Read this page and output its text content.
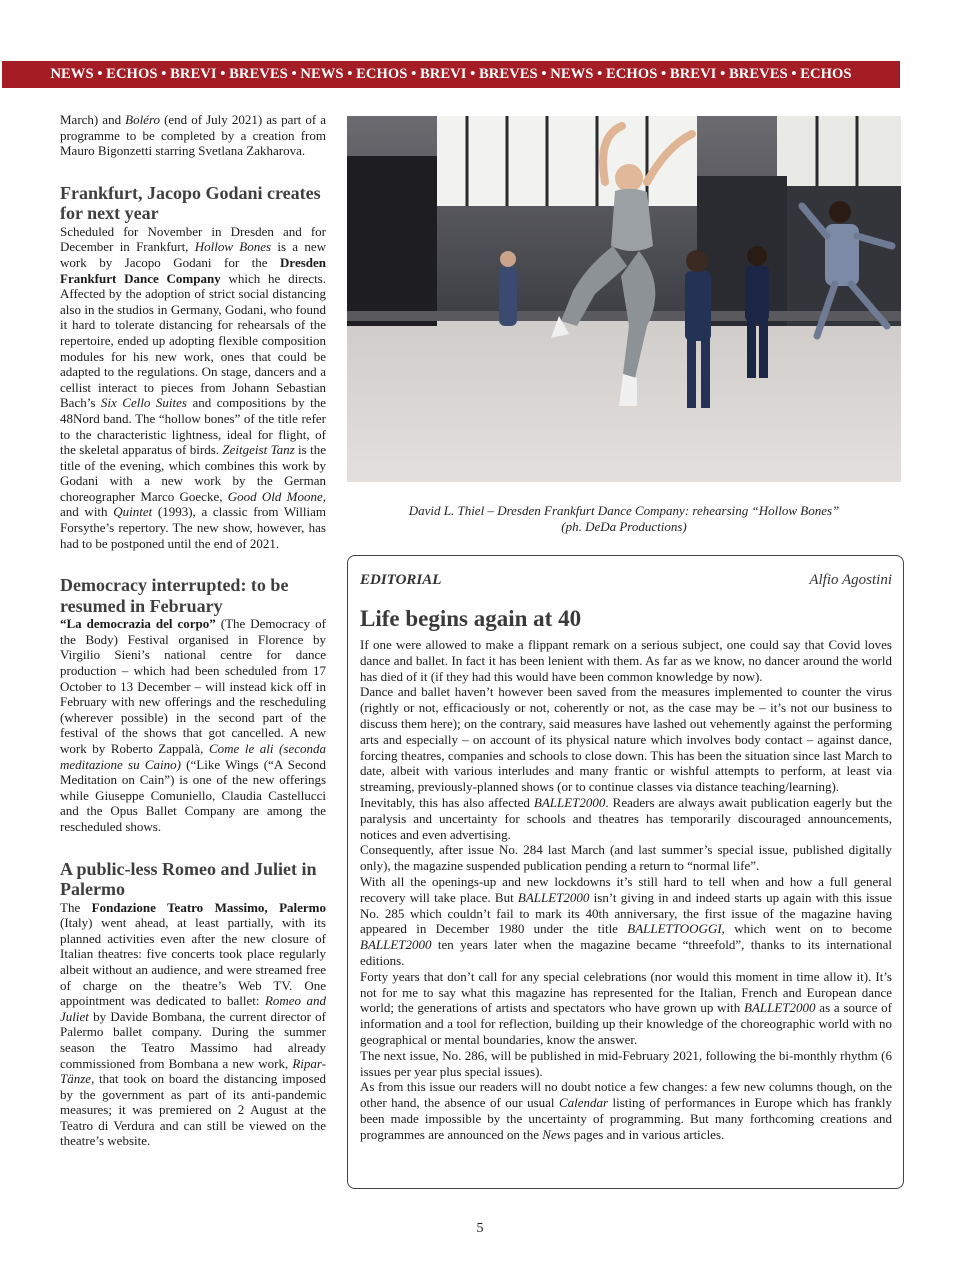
NEWS • ECHOS • BREVI • BREVES • NEWS • ECHOS • BREVI • BREVES • NEWS • ECHOS • BREVI • BREVES • ECHOS

March) and Boléro (end of July 2021) as part of a programme to be completed by a creation from Mauro Bigonzetti starring Svetlana Zakharova.

Frankfurt, Jacopo Godani creates for next year

Scheduled for November in Dresden and for December in Frankfurt, Hollow Bones is a new work by Jacopo Godani for the Dresden Frankfurt Dance Company which he directs. Affected by the adoption of strict social distancing also in the studios in Germany, Godani, who found it hard to tolerate distancing for rehearsals of the repertoire, ended up adopting flexible composition modules for his new work, ones that could be adapted to the regulations. On stage, dancers and a cellist interact to pieces from Johann Sebastian Bach’s Six Cello Suites and compositions by the 48Nord band. The “hollow bones” of the title refer to the characteristic lightness, ideal for flight, of the skeletal apparatus of birds. Zeitgeist Tanz is the title of the evening, which combines this work by Godani with a new work by the German choreographer Marco Goecke, Good Old Moone, and with Quintet (1993), a classic from William Forsythe’s repertory. The new show, however, has had to be postponed until the end of 2021.

Democracy interrupted: to be resumed in February

“La democrazia del corpo” (The Democracy of the Body) Festival organised in Florence by Virgilio Sieni’s national centre for dance production – which had been scheduled from 17 October to 13 December – will instead kick off in February with new offerings and the rescheduling (wherever possible) in the second part of the festival of the shows that got cancelled. A new work by Roberto Zappalà, Come le ali (seconda meditazione su Caino) (“Like Wings (“A Second Meditation on Cain”) is one of the new offerings while Giuseppe Comuniello, Claudia Castellucci and the Opus Ballet Company are among the rescheduled shows.

A public-less Romeo and Juliet in Palermo

The Fondazione Teatro Massimo, Palermo (Italy) went ahead, at least partially, with its planned activities even after the new closure of Italian theatres: five concerts took place regularly albeit without an audience, and were streamed free of charge on the theatre’s Web TV. One appointment was dedicated to ballet: Romeo and Juliet by Davide Bombana, the current director of Palermo ballet company. During the summer season the Teatro Massimo had already commissioned from Bombana a new work, Ripar-Tänze, that took on board the distancing imposed by the government as part of its anti-pandemic measures; it was premiered on 2 August at the Teatro di Verdura and can still be viewed on the theatre’s website.

David L. Thiel – Dresden Frankfurt Dance Company: rehearsing “Hollow Bones”
(ph. DeDa Productions)
EDITORIAL	Alfio Agostini
Life begins again at 40

If one were allowed to make a flippant remark on a serious subject, one could say that Covid loves dance and ballet. In fact it has been lenient with them. As far as we know, no dancer around the world has died of it (if they had this would have been common knowledge by now).

Dance and ballet haven’t however been saved from the measures implemented to counter the virus (rightly or not, efficaciously or not, coherently or not, as the case may be – it’s not our business to discuss them here); on the contrary, said measures have lashed out vehemently against the performing arts and especially – on account of its physical nature which involves body contact – against dance, forcing theatres, companies and schools to close down. This has been the situation since last March to date, albeit with various interludes and many frantic or wishful attempts to perform, at least via streaming, previously-planned shows (or to continue classes via distance teaching/learning).

Inevitably, this has also affected BALLET2000. Readers are always await publication eagerly but the paralysis and uncertainty for schools and theatres has temporarily discouraged announcements, notices and even advertising.

Consequently, after issue No. 284 last March (and last summer’s special issue, published digitally only), the magazine suspended publication pending a return to “normal life”.

With all the openings-up and new lockdowns it’s still hard to tell when and how a full general recovery will take place. But BALLET2000 isn’t giving in and indeed starts up again with this issue No. 285 which couldn’t fail to mark its 40th anniversary, the first issue of the magazine having appeared in December 1980 under the title BALLETTOOGGI, which went on to become BALLET2000 ten years later when the magazine became “threefold”, thanks to its international editions.

Forty years that don’t call for any special celebrations (nor would this moment in time allow it). It’s not for me to say what this magazine has represented for the Italian, French and European dance world; the generations of artists and spectators who have grown up with BALLET2000 as a source of information and a tool for reflection, building up their knowledge of the choreographic world with no geographical or mental boundaries, know the answer.

The next issue, No. 286, will be published in mid-February 2021, following the bi-monthly rhythm (6 issues per year plus special issues).

As from this issue our readers will no doubt notice a few changes: a few new columns though, on the other hand, the absence of our usual Calendar listing of performances in Europe which has frankly been made impossible by the uncertainty of programming. But many forthcoming creations and programmes are announced on the News pages and in various articles.

5
